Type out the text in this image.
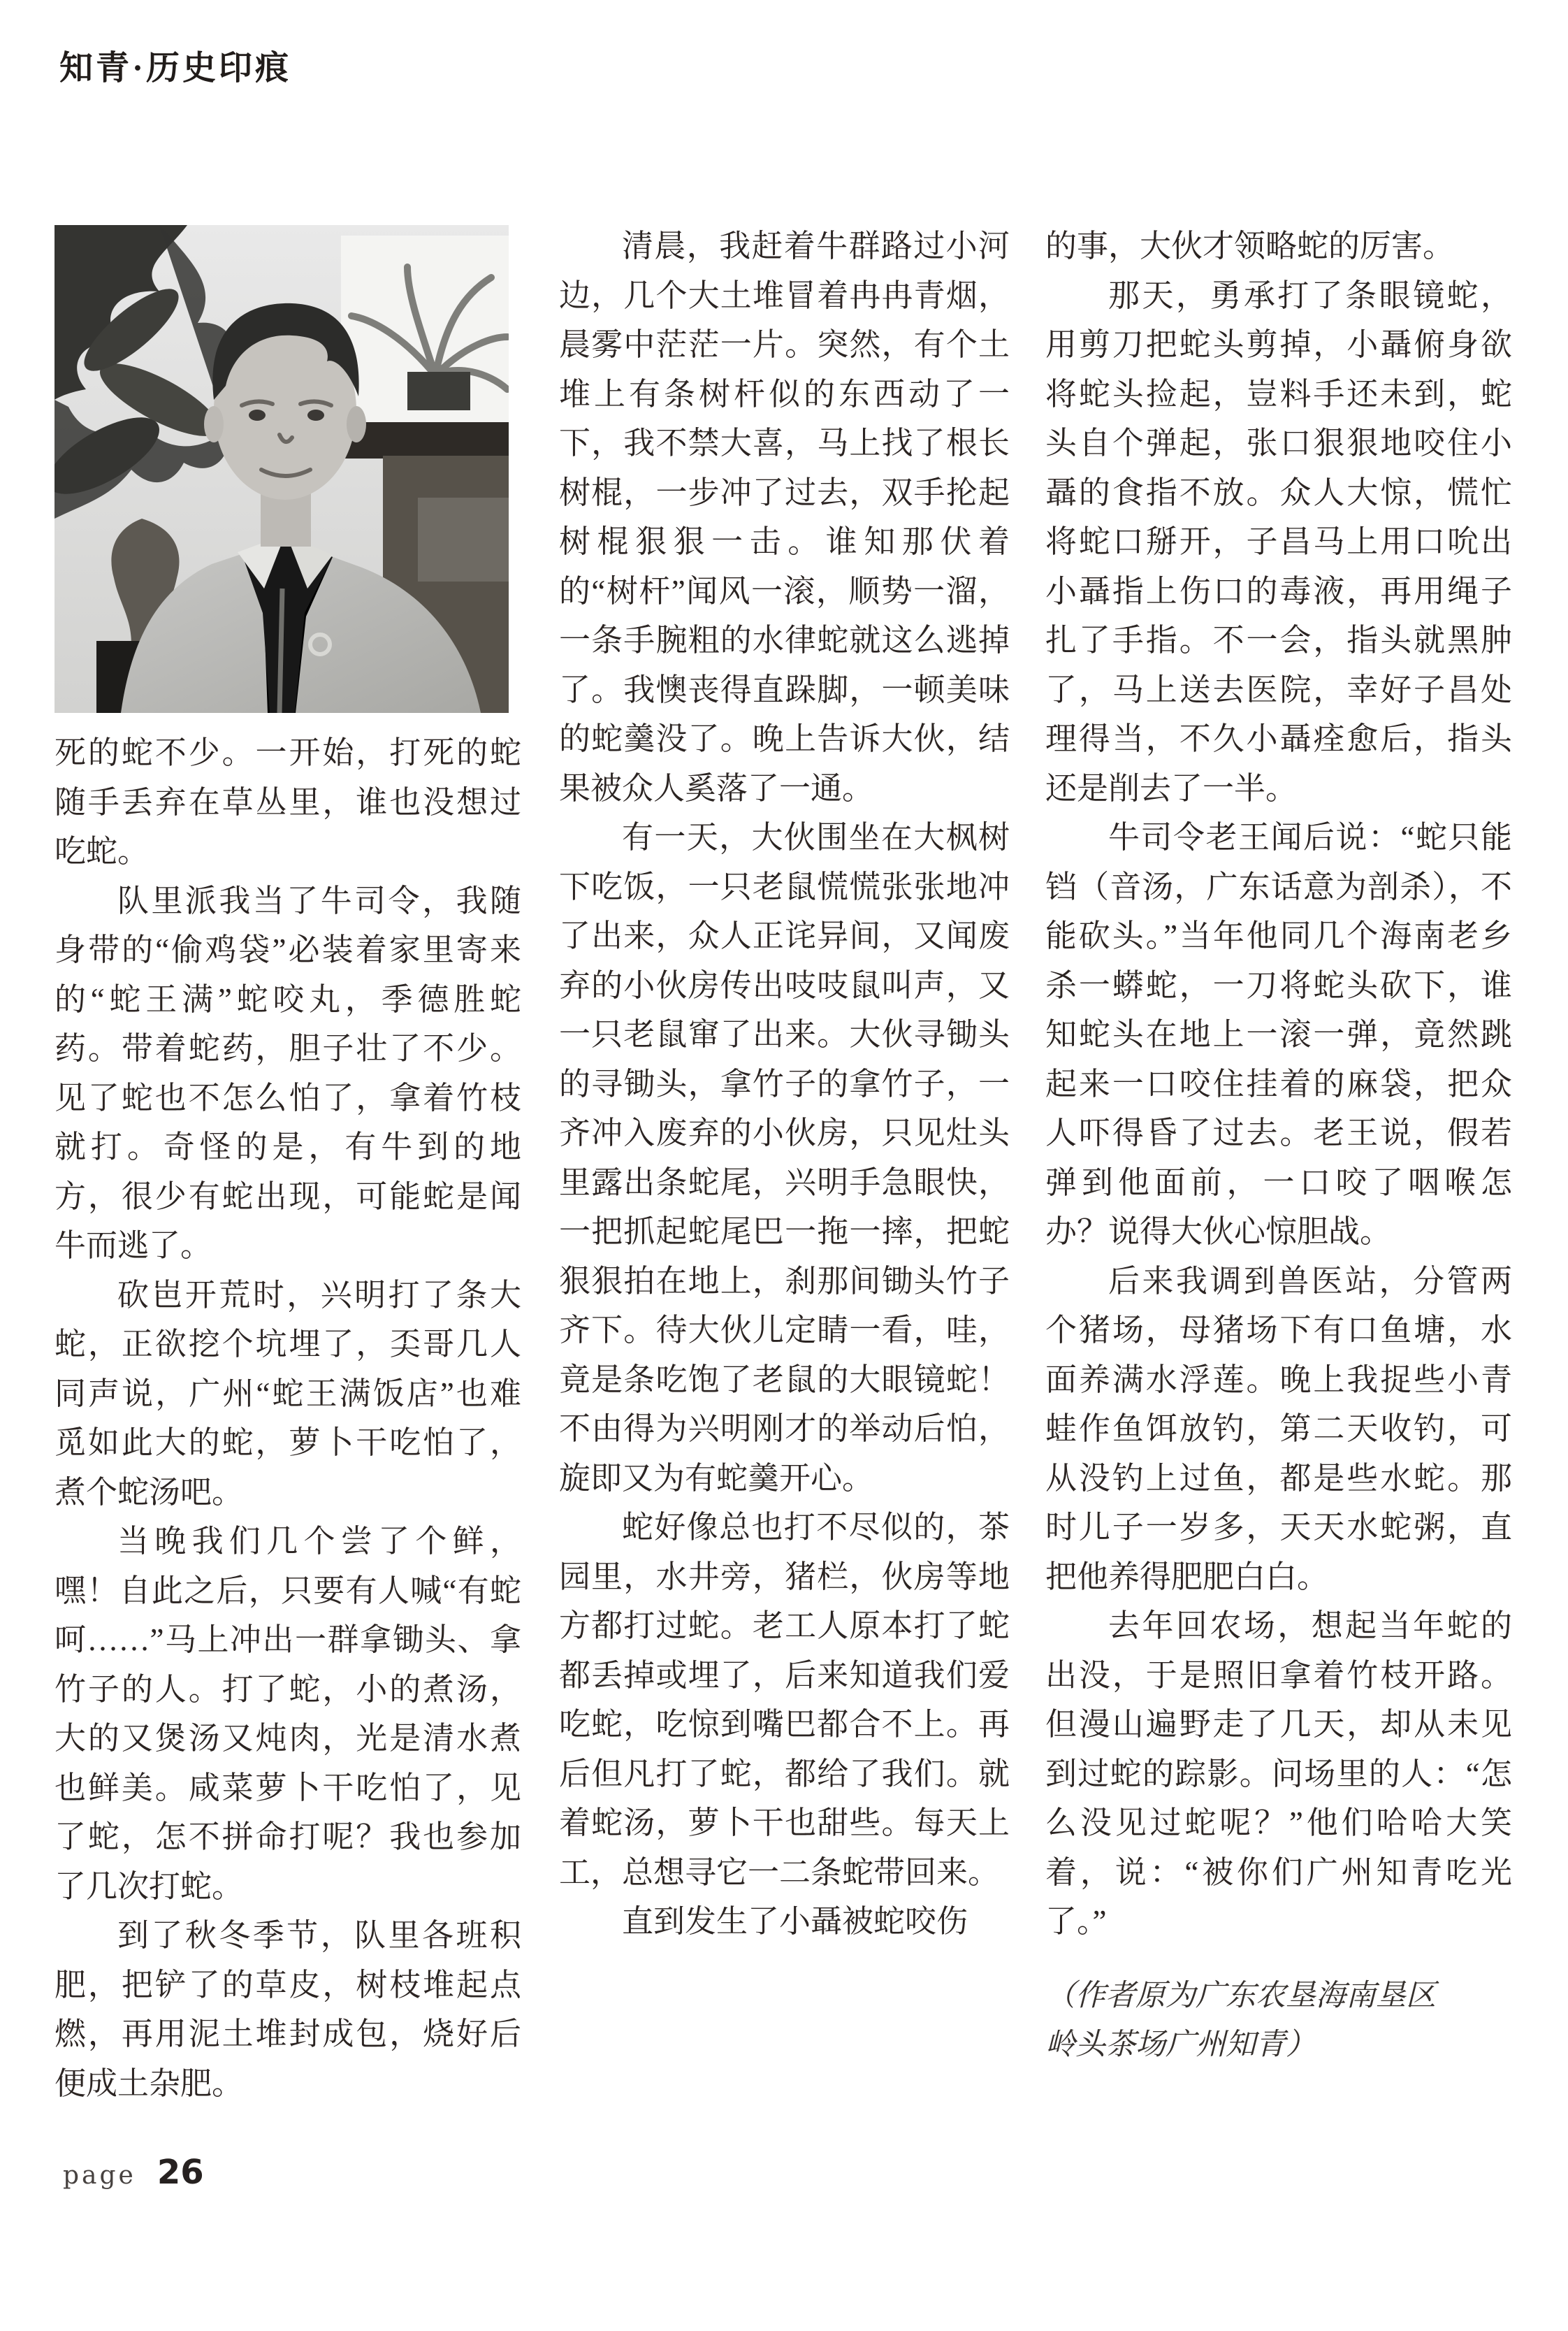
知青·历史印痕
死的蛇不少。一开始，打死的蛇随手丢弃在草丛里，谁也没想过吃蛇。
队里派我当了牛司令，我随身带的“偷鸡袋”必装着家里寄来的“蛇王满”蛇咬丸，季德胜蛇药。带着蛇药，胆子壮了不少。见了蛇也不怎么怕了，拿着竹枝就打。奇怪的是，有牛到的地方，很少有蛇出现，可能蛇是闻牛而逃了。
砍岜开荒时，兴明打了条大蛇，正欲挖个坑埋了，奀哥几人同声说，广州“蛇王满饭店”也难觅如此大的蛇，萝卜干吃怕了，煮个蛇汤吧。
当晚我们几个尝了个鲜，嘿！自此之后，只要有人喊“有蛇呵……”马上冲出一群拿锄头、拿竹子的人。打了蛇，小的煮汤，大的又煲汤又炖肉，光是清水煮也鲜美。咸菜萝卜干吃怕了，见了蛇，怎不拼命打呢？我也参加了几次打蛇。
到了秋冬季节，队里各班积肥，把铲了的草皮，树枝堆起点燃，再用泥土堆封成包，烧好后便成土杂肥。
清晨，我赶着牛群路过小河边，几个大土堆冒着冉冉青烟，晨雾中茫茫一片。突然，有个土堆上有条树杆似的东西动了一下，我不禁大喜，马上找了根长树棍，一步冲了过去，双手抡起树棍狠狠一击。谁知那伏着的“树杆”闻风一滚，顺势一溜，一条手腕粗的水律蛇就这么逃掉了。我懊丧得直跺脚，一顿美味的蛇羹没了。晚上告诉大伙，结果被众人奚落了一通。
有一天，大伙围坐在大枫树下吃饭，一只老鼠慌慌张张地冲了出来，众人正诧异间，又闻废弃的小伙房传出吱吱鼠叫声，又一只老鼠窜了出来。大伙寻锄头的寻锄头，拿竹子的拿竹子，一齐冲入废弃的小伙房，只见灶头里露出条蛇尾，兴明手急眼快，一把抓起蛇尾巴一拖一摔，把蛇狠狠拍在地上，刹那间锄头竹子齐下。待大伙儿定睛一看，哇，竟是条吃饱了老鼠的大眼镜蛇！不由得为兴明刚才的举动后怕，旋即又为有蛇羹开心。
蛇好像总也打不尽似的，茶园里，水井旁，猪栏，伙房等地方都打过蛇。老工人原本打了蛇都丢掉或埋了，后来知道我们爱吃蛇，吃惊到嘴巴都合不上。再后但凡打了蛇，都给了我们。就着蛇汤，萝卜干也甜些。每天上工，总想寻它一二条蛇带回来。
直到发生了小聶被蛇咬伤
的事，大伙才领略蛇的厉害。
那天，勇承打了条眼镜蛇，用剪刀把蛇头剪掉，小聶俯身欲将蛇头捡起，豈料手还未到，蛇头自个弹起，张口狠狠地咬住小聶的食指不放。众人大惊，慌忙将蛇口掰开，子昌马上用口吮出小聶指上伤口的毒液，再用绳子扎了手指。不一会，指头就黑肿了，马上送去医院，幸好子昌处理得当，不久小聶痊愈后，指头还是削去了一半。
牛司令老王闻后说：“蛇只能铛（音汤，广东话意为剖杀），不能砍头。”当年他同几个海南老乡杀一蟒蛇，一刀将蛇头砍下，谁知蛇头在地上一滚一弹，竟然跳起来一口咬住挂着的麻袋，把众人吓得昏了过去。老王说，假若弹到他面前，一口咬了咽喉怎办？说得大伙心惊胆战。
后来我调到兽医站，分管两个猪场，母猪场下有口鱼塘，水面养满水浮莲。晚上我捉些小青蛙作鱼饵放钓，第二天收钓，可从没钓上过鱼，都是些水蛇。那时儿子一岁多，天天水蛇粥，直把他养得肥肥白白。
去年回农场，想起当年蛇的出没，于是照旧拿着竹枝开路。但漫山遍野走了几天，却从未见到过蛇的踪影。问场里的人：“怎么没见过蛇呢？”他们哈哈大笑着，说：“被你们广州知青吃光了。”
（作者原为广东农垦海南垦区
岭头茶场广州知青）
page 26
